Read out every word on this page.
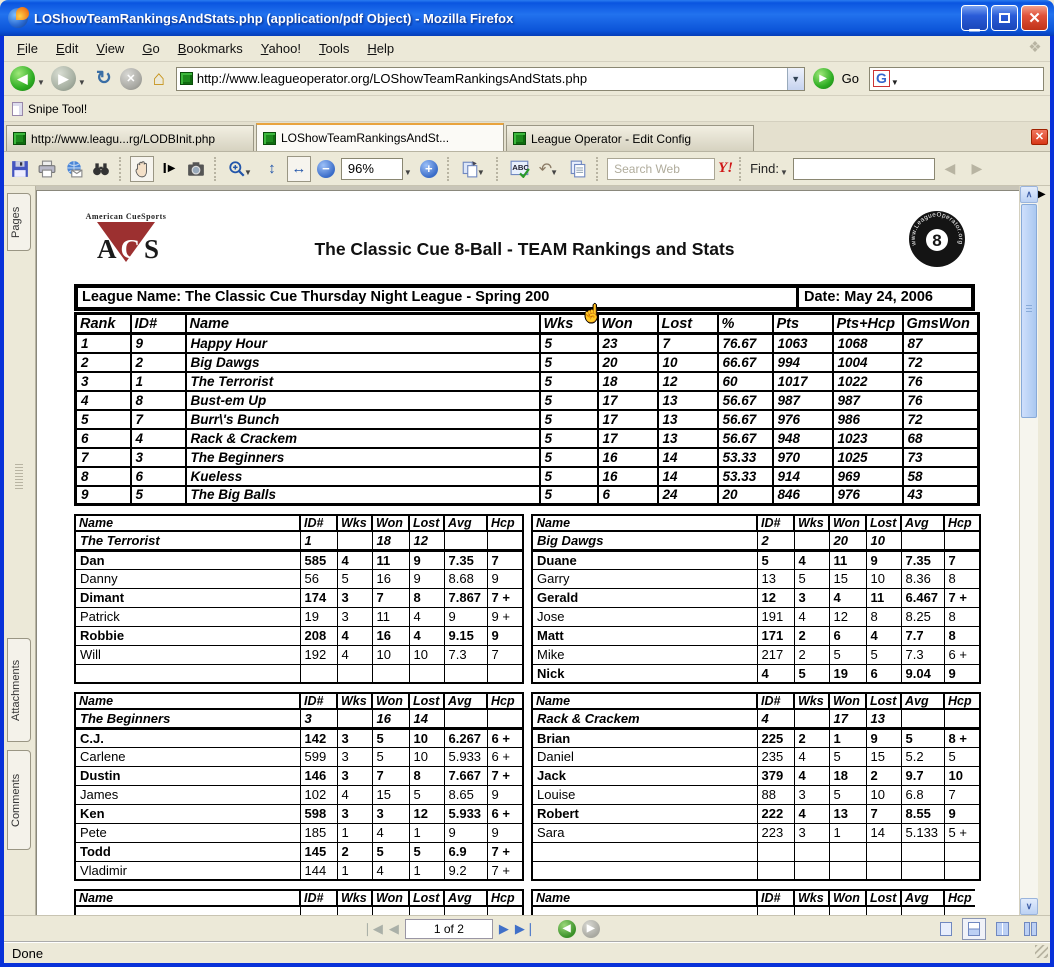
LOShowTeamRankingsAndStats.php (application/pdf Object) - Mozilla Firefox	▁	✕
File	Edit	View	Go	Bookmarks	Yahoo!	Tools	Help	❖
◀	▼	▶	▼ ↻	✕ ⌂	http://www.leagueoperator.org/LOShowTeamRankingsAndStats.php	▼	▶	Go G ▼
Snipe Tool!
http://www.leagu...rg/LODBInit.php	LOShowTeamRankingsAndSt...	League Operator - Edit Config	✕
I ▶	▼ ↕ ↔	−
96%	▼	+	▼
ABC ↶
▼
Search Web	Y! Find: ▼	◀	▶
Pages
Attachments
Comments
American CueSports
ACS	The Classic Cue 8-Ball - TEAM Rankings and Stats	www.LeagueOperator.org
8
League Name: The Classic Cue Thursday Night League - Spring 200	Date: May 24, 2006
Rank	ID#	Name	Wks	Won	Lost	%	Pts	Pts+Hcp	GmsWon
1	9	Happy Hour	5	23	7	76.67	1063	1068	87
2	2	Big Dawgs	5	20	10	66.67	994	1004	72
3	1	The Terrorist	5	18	12	60	1017	1022	76
4	8	Bust-em Up	5	17	13	56.67	987	987	76
5	7	Burr\'s Bunch	5	17	13	56.67	976	986	72
6	4	Rack & Crackem	5	17	13	56.67	948	1023	68
7	3	The Beginners	5	16	14	53.33	970	1025	73
8	6	Kueless	5	16	14	53.33	914	969	58
9	5	The Big Balls	5	6	24	20	846	976	43
Name	ID#	Wks	Won	Lost	Avg	Hcp
The Terrorist	1		18	12		
Dan	585	4	11	9	7.35	7
Danny	56	5	16	9	8.68	9
Dimant	174	3	7	8	7.867	7 +
Patrick	19	3	11	4	9	9 +
Robbie	208	4	16	4	9.15	9
Will	192	4	10	10	7.3	7

Name	ID#	Wks	Won	Lost	Avg	Hcp
Big Dawgs	2		20	10		
Duane	5	4	11	9	7.35	7
Garry	13	5	15	10	8.36	8
Gerald	12	3	4	11	6.467	7 +
Jose	191	4	12	8	8.25	8
Matt	171	2	6	4	7.7	8
Mike	217	2	5	5	7.3	6 +
Nick	4	5	19	6	9.04	9
Name	ID#	Wks	Won	Lost	Avg	Hcp
The Beginners	3		16	14		
C.J.	142	3	5	10	6.267	6 +
Carlene	599	3	5	10	5.933	6 +
Dustin	146	3	7	8	7.667	7 +
James	102	4	15	5	8.65	9
Ken	598	3	3	12	5.933	6 +
Pete	185	1	4	1	9	9
Todd	145	2	5	5	6.9	7 +
Vladimir	144	1	4	1	9.2	7 +
Name	ID#	Wks	Won	Lost	Avg	Hcp
Rack & Crackem	4		17	13		
Brian	225	2	1	9	5	8 +
Daniel	235	4	5	15	5.2	5
Jack	379	4	18	2	9.7	10
Louise	88	3	5	10	6.8	7
Robert	222	4	13	7	8.55	9
Sara	223	3	1	14	5.133	5 +

Name	ID#	Wks	Won	Lost	Avg	Hcp
						Name	ID#	Wks	Won	Lost	Avg	Hcp

☝
∧
∨
▶
❘◀ ◀
1 of 2	▶ ▶❘	◀	▶
Done
